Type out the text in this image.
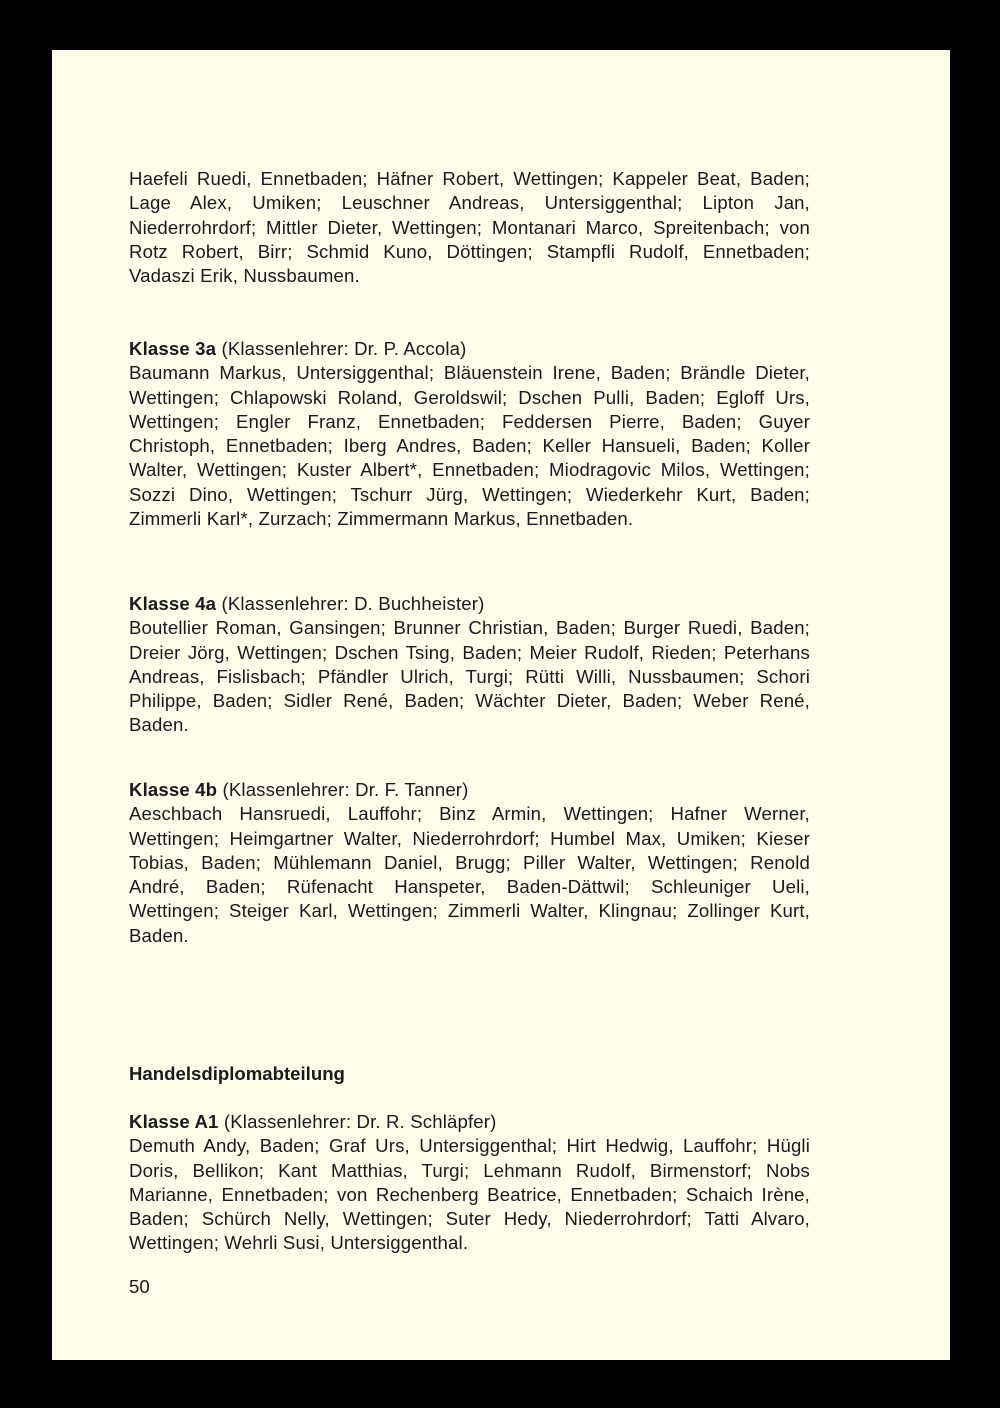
Haefeli Ruedi, Ennetbaden; Häfner Robert, Wettingen; Kappeler Beat, Baden; Lage Alex, Umiken; Leuschner Andreas, Untersiggenthal; Lipton Jan, Niederrohrdorf; Mittler Dieter, Wettingen; Montanari Marco, Spreitenbach; von Rotz Robert, Birr; Schmid Kuno, Döttingen; Stampfli Rudolf, Ennetbaden; Vadaszi Erik, Nussbaumen.

Klasse 3a (Klassenlehrer: Dr. P. Accola)

Baumann Markus, Untersiggenthal; Bläuenstein Irene, Baden; Brändle Dieter, Wettingen; Chlapowski Roland, Geroldswil; Dschen Pulli, Baden; Egloff Urs, Wettingen; Engler Franz, Ennetbaden; Feddersen Pierre, Baden; Guyer Christoph, Ennetbaden; Iberg Andres, Baden; Keller Hansueli, Baden; Koller Walter, Wettingen; Kuster Albert*, Ennetbaden; Miodragovic Milos, Wettingen; Sozzi Dino, Wettingen; Tschurr Jürg, Wettingen; Wiederkehr Kurt, Baden; Zimmerli Karl*, Zurzach; Zimmermann Markus, Ennetbaden.

Klasse 4a (Klassenlehrer: D. Buchheister)

Boutellier Roman, Gansingen; Brunner Christian, Baden; Burger Ruedi, Baden; Dreier Jörg, Wettingen; Dschen Tsing, Baden; Meier Rudolf, Rieden; Peterhans Andreas, Fislisbach; Pfändler Ulrich, Turgi; Rütti Willi, Nussbaumen; Schori Philippe, Baden; Sidler René, Baden; Wächter Dieter, Baden; Weber René, Baden.

Klasse 4b (Klassenlehrer: Dr. F. Tanner)

Aeschbach Hansruedi, Lauffohr; Binz Armin, Wettingen; Hafner Werner, Wettingen; Heimgartner Walter, Niederrohrdorf; Humbel Max, Umiken; Kieser Tobias, Baden; Mühlemann Daniel, Brugg; Piller Walter, Wettingen; Renold André, Baden; Rüfenacht Hanspeter, Baden-Dättwil; Schleuniger Ueli, Wettingen; Steiger Karl, Wettingen; Zimmerli Walter, Klingnau; Zollinger Kurt, Baden.

Handelsdiplomabteilung
Klasse A1 (Klassenlehrer: Dr. R. Schläpfer)

Demuth Andy, Baden; Graf Urs, Untersiggenthal; Hirt Hedwig, Lauffohr; Hügli Doris, Bellikon; Kant Matthias, Turgi; Lehmann Rudolf, Birmenstorf; Nobs Marianne, Ennetbaden; von Rechenberg Beatrice, Ennetbaden; Schaich Irène, Baden; Schürch Nelly, Wettingen; Suter Hedy, Niederrohrdorf; Tatti Alvaro, Wettingen; Wehrli Susi, Untersiggenthal.

50
